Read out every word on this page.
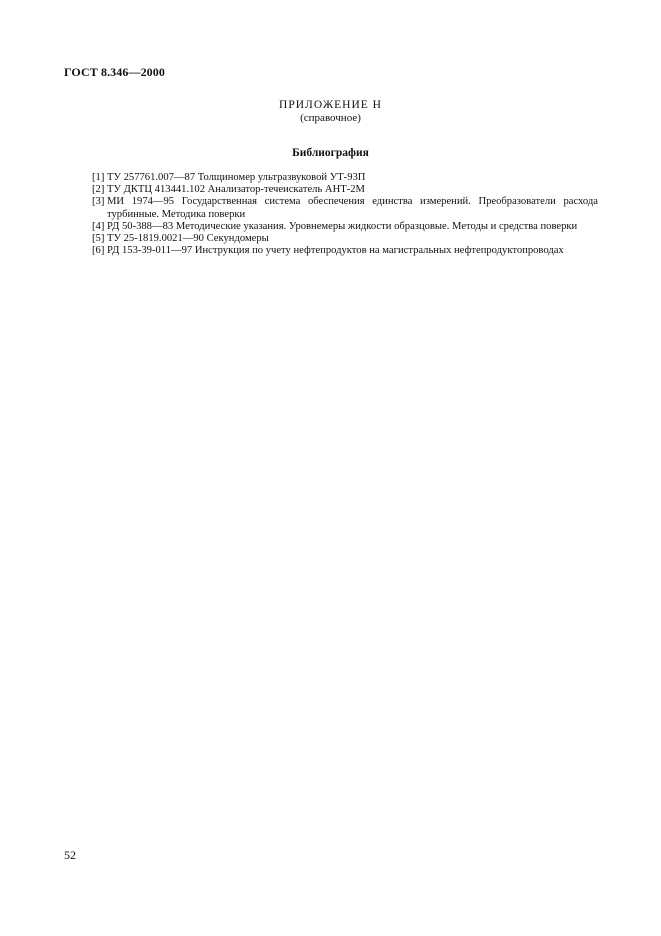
ГОСТ 8.346—2000
ПРИЛОЖЕНИЕ Н
(справочное)
Библиография
[1] ТУ 257761.007—87 Толщиномер ультразвуковой УТ-93П
[2] ТУ ДКТЦ 413441.102 Анализатор-течеискатель АНТ-2М
[3] МИ 1974—95 Государственная система обеспечения единства измерений. Преобразователи расхода турбинные. Методика поверки
[4] РД 50-388—83 Методические указания. Уровнемеры жидкости образцовые. Методы и средства поверки
[5] ТУ 25-1819.0021—90 Секундомеры
[6] РД 153-39-011—97 Инструкция по учету нефтепродуктов на магистральных нефтепродуктопроводах
52
